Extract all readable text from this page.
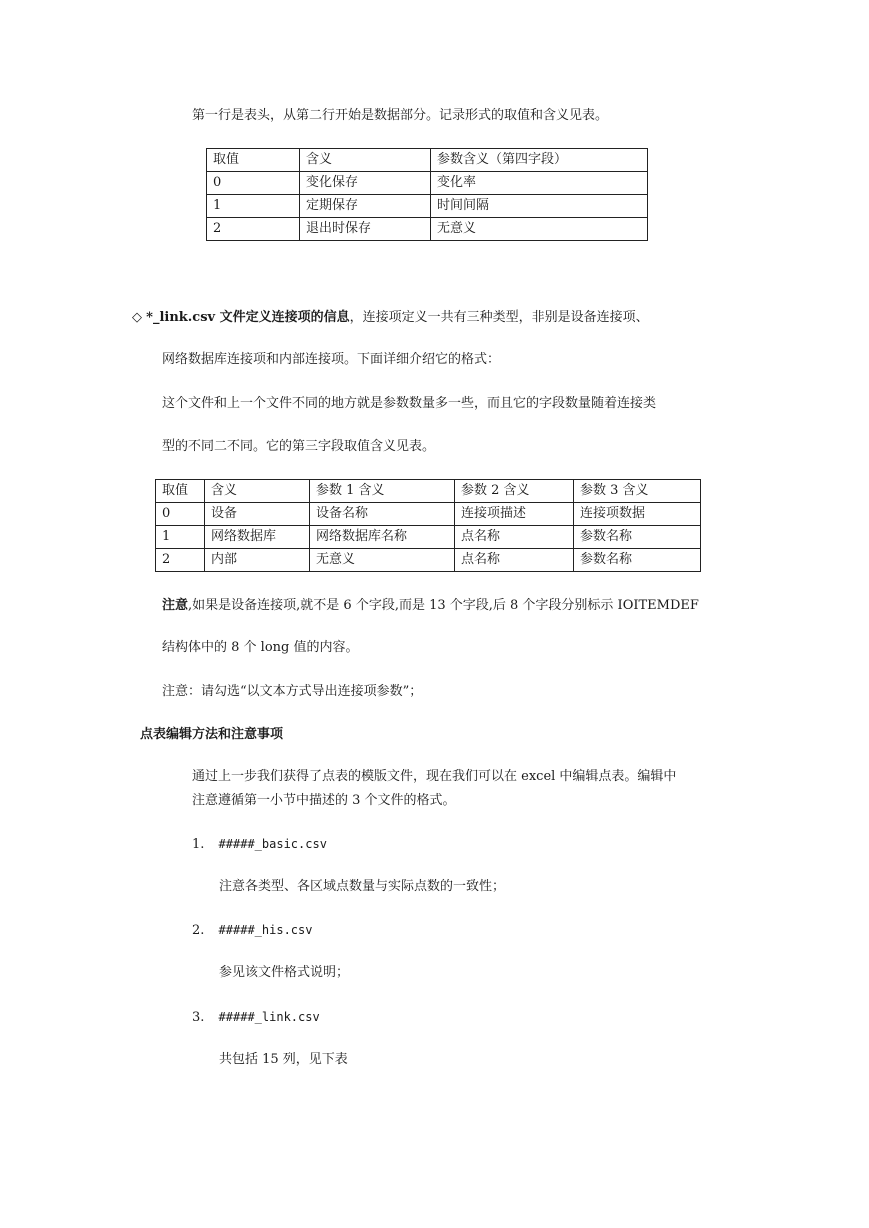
第一行是表头，从第二行开始是数据部分。记录形式的取值和含义见表。
取值	含义	参数含义（第四字段）
0	变化保存	变化率
1	定期保存	时间间隔
2	退出时保存	无意义
◇ *_link.csv 文件定义连接项的信息，连接项定义一共有三种类型，非别是设备连接项、
网络数据库连接项和内部连接项。下面详细介绍它的格式：
这个文件和上一个文件不同的地方就是参数数量多一些，而且它的字段数量随着连接类
型的不同二不同。它的第三字段取值含义见表。
取值	含义	参数 1 含义	参数 2 含义	参数 3 含义
0	设备	设备名称	连接项描述	连接项数据
1	网络数据库	网络数据库名称	点名称	参数名称
2	内部	无意义	点名称	参数名称
注意,如果是设备连接项,就不是 6 个字段,而是 13 个字段,后 8 个字段分别标示 IOITEMDEF
结构体中的 8 个 long 值的内容。
注意：请勾选“以文本方式导出连接项参数”；
点表编辑方法和注意事项
通过上一步我们获得了点表的模版文件，现在我们可以在 excel 中编辑点表。编辑中
注意遵循第一小节中描述的 3 个文件的格式。
1. #####_basic.csv
注意各类型、各区域点数量与实际点数的一致性；
2. #####_his.csv
参见该文件格式说明；
3. #####_link.csv
共包括 15 列，见下表
